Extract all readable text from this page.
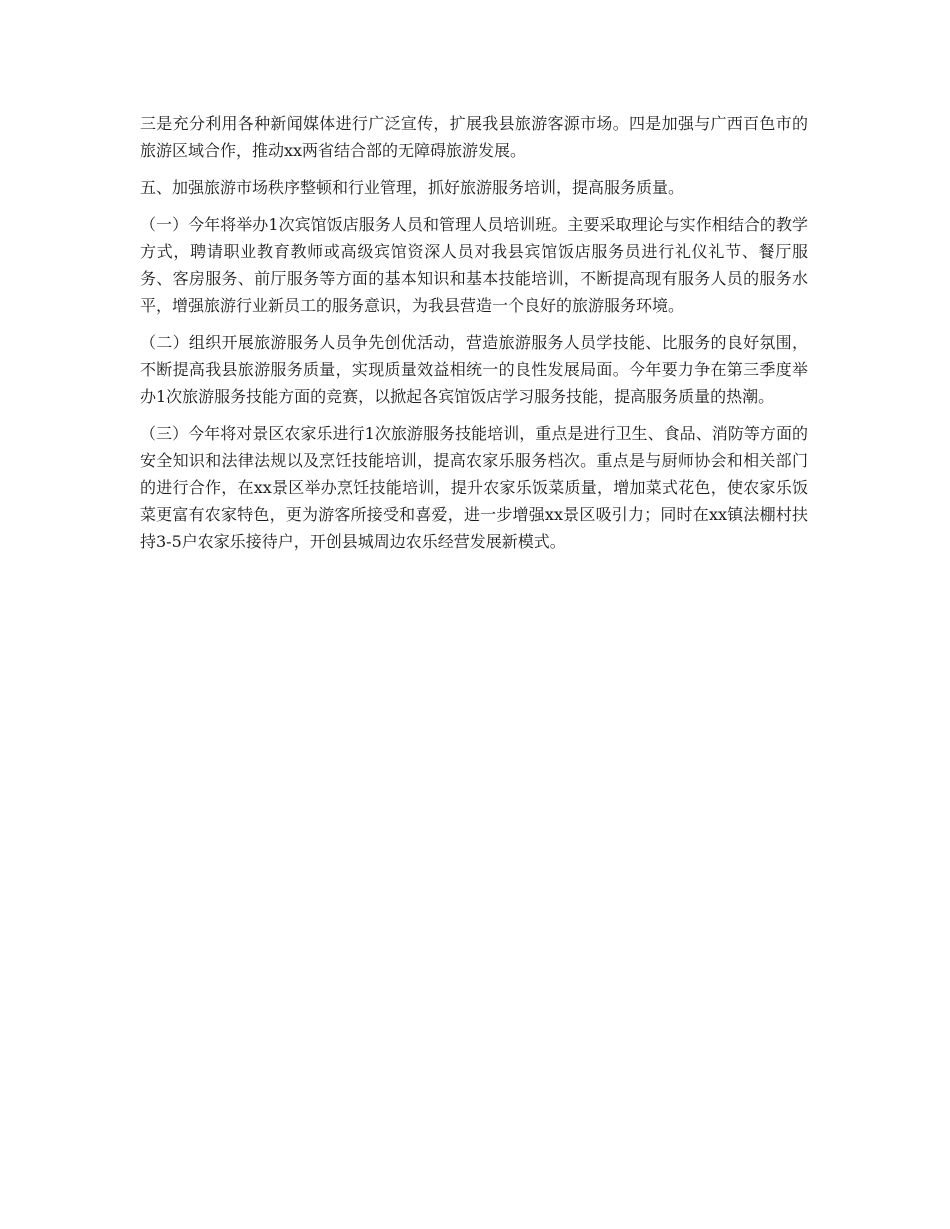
三是充分利用各种新闻媒体进行广泛宣传，扩展我县旅游客源市场。四是加强与广西百色市的旅游区域合作，推动xx两省结合部的无障碍旅游发展。

五、加强旅游市场秩序整顿和行业管理，抓好旅游服务培训，提高服务质量。

（一）今年将举办1次宾馆饭店服务人员和管理人员培训班。主要采取理论与实作相结合的教学方式，聘请职业教育教师或高级宾馆资深人员对我县宾馆饭店服务员进行礼仪礼节、餐厅服务、客房服务、前厅服务等方面的基本知识和基本技能培训，不断提高现有服务人员的服务水平，增强旅游行业新员工的服务意识，为我县营造一个良好的旅游服务环境。

（二）组织开展旅游服务人员争先创优活动，营造旅游服务人员学技能、比服务的良好氛围，不断提高我县旅游服务质量，实现质量效益相统一的良性发展局面。今年要力争在第三季度举办1次旅游服务技能方面的竞赛，以掀起各宾馆饭店学习服务技能，提高服务质量的热潮。

（三）今年将对景区农家乐进行1次旅游服务技能培训，重点是进行卫生、食品、消防等方面的安全知识和法律法规以及烹饪技能培训，提高农家乐服务档次。重点是与厨师协会和相关部门的进行合作，在xx景区举办烹饪技能培训，提升农家乐饭菜质量，增加菜式花色，使农家乐饭菜更富有农家特色，更为游客所接受和喜爱，进一步增强xx景区吸引力；同时在xx镇法棚村扶持3-5户农家乐接待户，开创县城周边农乐经营发展新模式。
